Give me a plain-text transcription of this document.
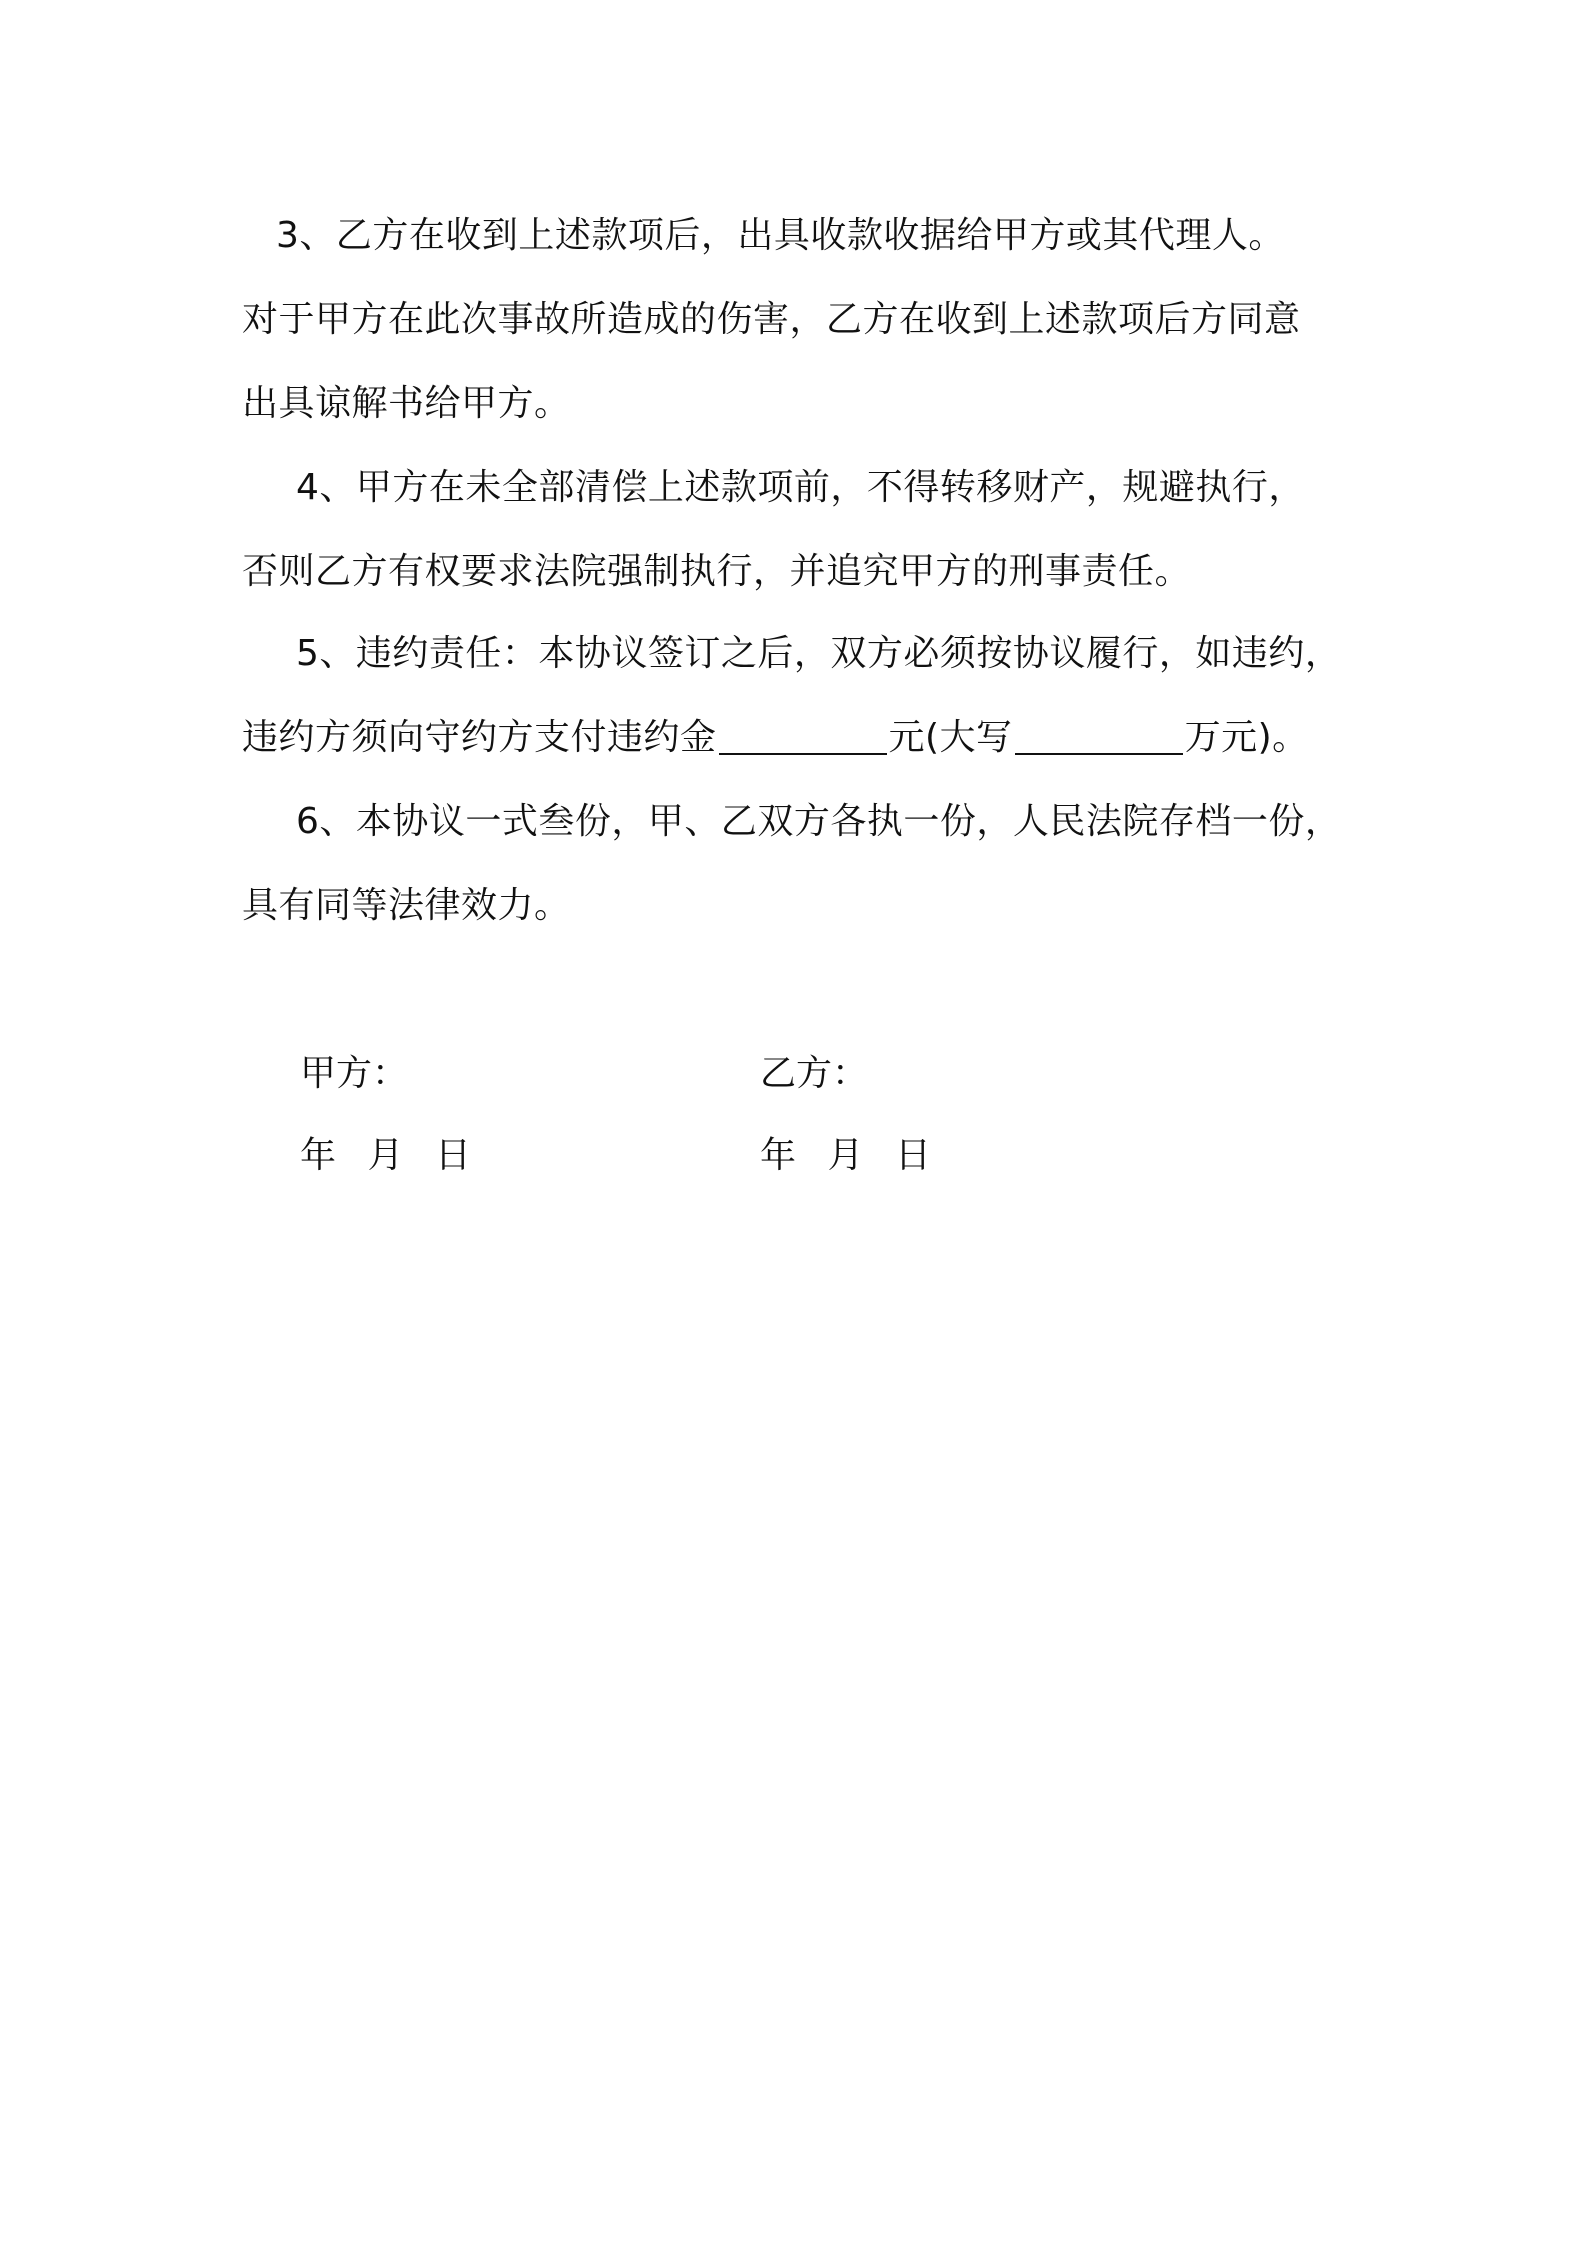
3、乙方在收到上述款项后，出具收款收据给甲方或其代理人。
对于甲方在此次事故所造成的伤害，乙方在收到上述款项后方同意
出具谅解书给甲方。
4、甲方在未全部清偿上述款项前，不得转移财产，规避执行，
否则乙方有权要求法院强制执行，并追究甲方的刑事责任。
5、违约责任：本协议签订之后，双方必须按协议履行，如违约，
违约方须向守约方支付违约金	元(大写	万元)。
6、本协议一式叁份，甲、乙双方各执一份，人民法院存档一份，
具有同等法律效力。
甲方：	乙方：
年 月 日	年 月 日
